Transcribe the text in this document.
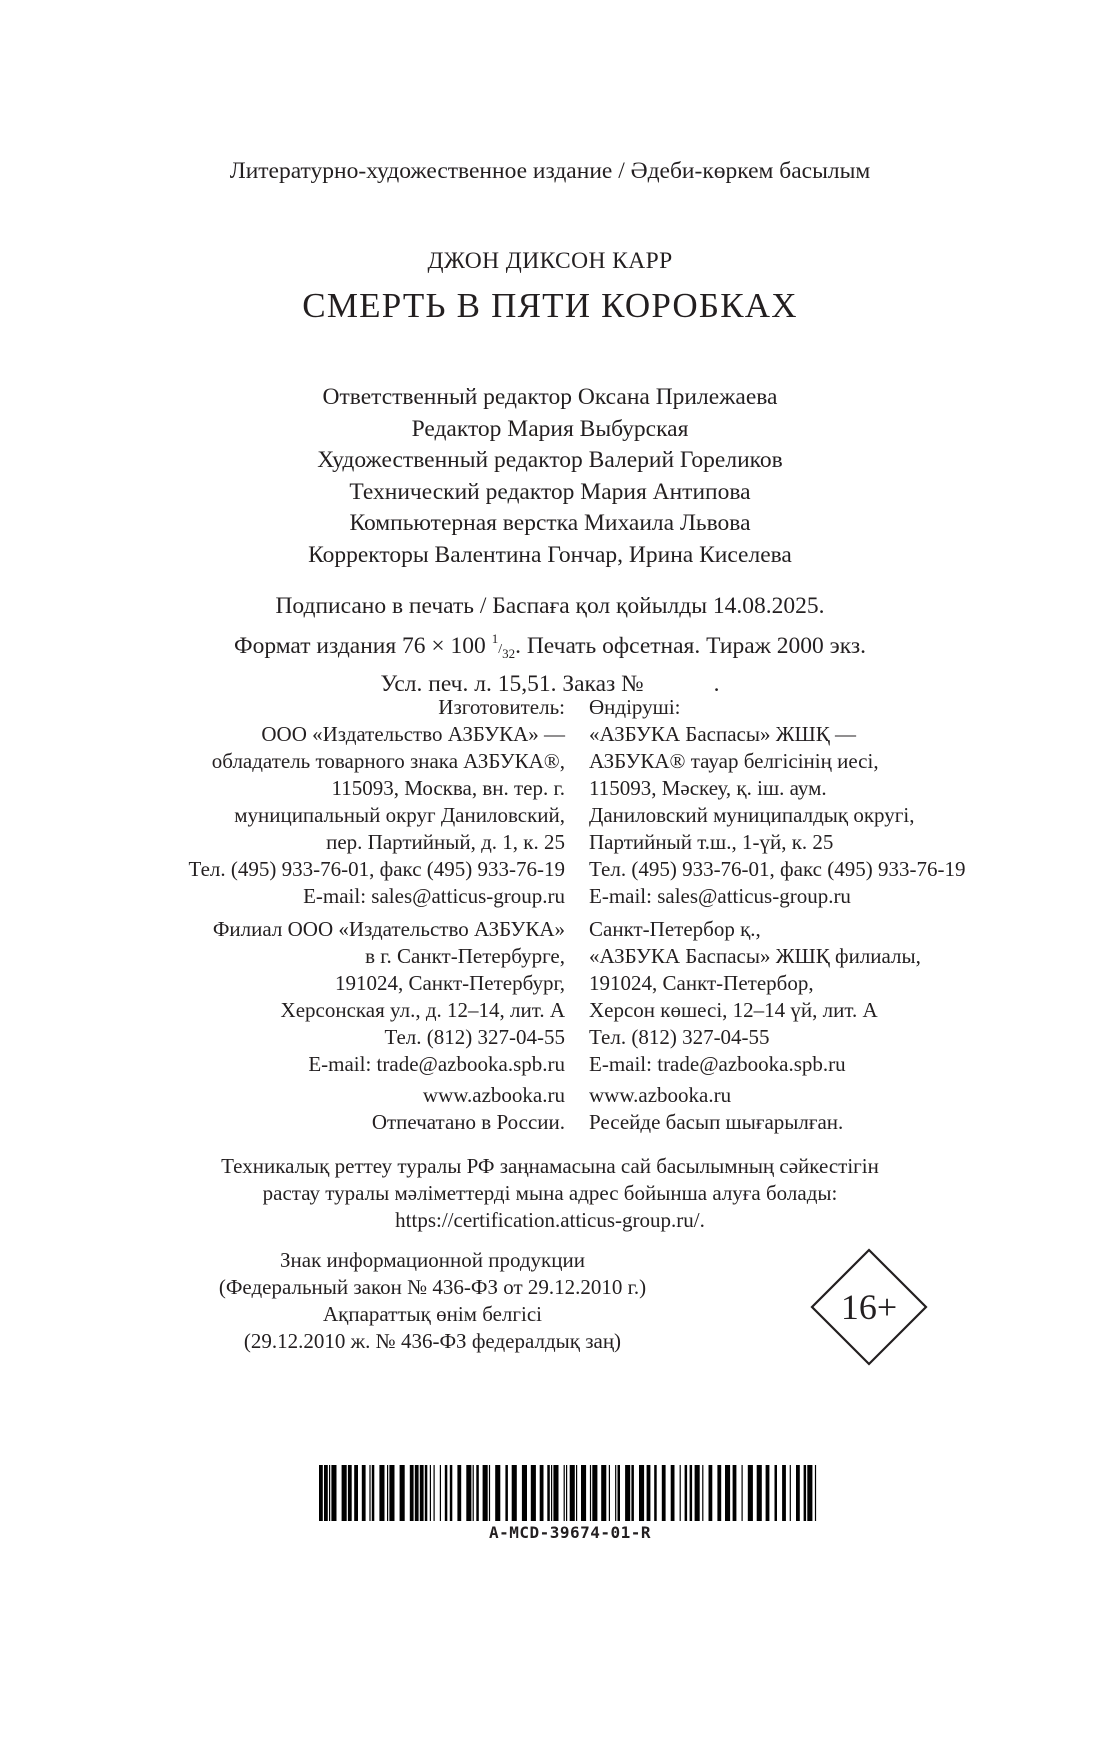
Литературно-художественное издание / Әдеби-көркем басылым
ДЖОН ДИКСОН КАРР
СМЕРТЬ В ПЯТИ КОРОБКАХ
Ответственный редактор Оксана Прилежаева
Редактор Мария Выбурская
Художественный редактор Валерий Гореликов
Технический редактор Мария Антипова
Компьютерная верстка Михаила Львова
Корректоры Валентина Гончар, Ирина Киселева
Подписано в печать / Баспаға қол қойылды 14.08.2025.
Формат издания 76 × 100 $^1/_{32}$. Печать офсетная. Тираж 2000 экз.
Усл. печ. л. 15,51. Заказ №	.
Изготовитель:
ООО «Издательство АЗБУКА» —
обладатель товарного знака АЗБУКА®,
115093, Москва, вн. тер. г.
муниципальный округ Даниловский,
пер. Партийный, д. 1, к. 25
Тел. (495) 933-76-01, факс (495) 933-76-19
E-mail: sales@atticus-group.ru
Өндіруші:
«АЗБУКА Баспасы» ЖШҚ —
АЗБУКА® тауар белгісінің иесі,
115093, Мәскеу, қ. іш. аум.
Даниловский муниципалдық округі,
Партийный т.ш., 1-үй, к. 25
Тел. (495) 933-76-01, факс (495) 933-76-19
E-mail: sales@atticus-group.ru
Филиал ООО «Издательство АЗБУКА»
в г. Санкт-Петербурге,
191024, Санкт-Петербург,
Херсонская ул., д. 12–14, лит. А
Тел. (812) 327-04-55
E-mail: trade@azbooka.spb.ru
Санкт-Петербор қ.,
«АЗБУКА Баспасы» ЖШҚ филиалы,
191024, Санкт-Петербор,
Херсон көшесі, 12–14 үй, лит. А
Тел. (812) 327-04-55
E-mail: trade@azbooka.spb.ru
www.azbooka.ru
Отпечатано в России.
www.azbooka.ru
Ресейде басып шығарылған.
Техникалық реттеу туралы РФ заңнамасына сай басылымның сәйкестігін
растау туралы мәліметтерді мына адрес бойынша алуға болады:
https://certification.atticus-group.ru/.
Знак информационной продукции
(Федеральный закон № 436-ФЗ от 29.12.2010 г.)
Ақпараттық өнім белгісі
(29.12.2010 ж. № 436-ФЗ федералдық заң)
16+
A-MCD-39674-01-R
